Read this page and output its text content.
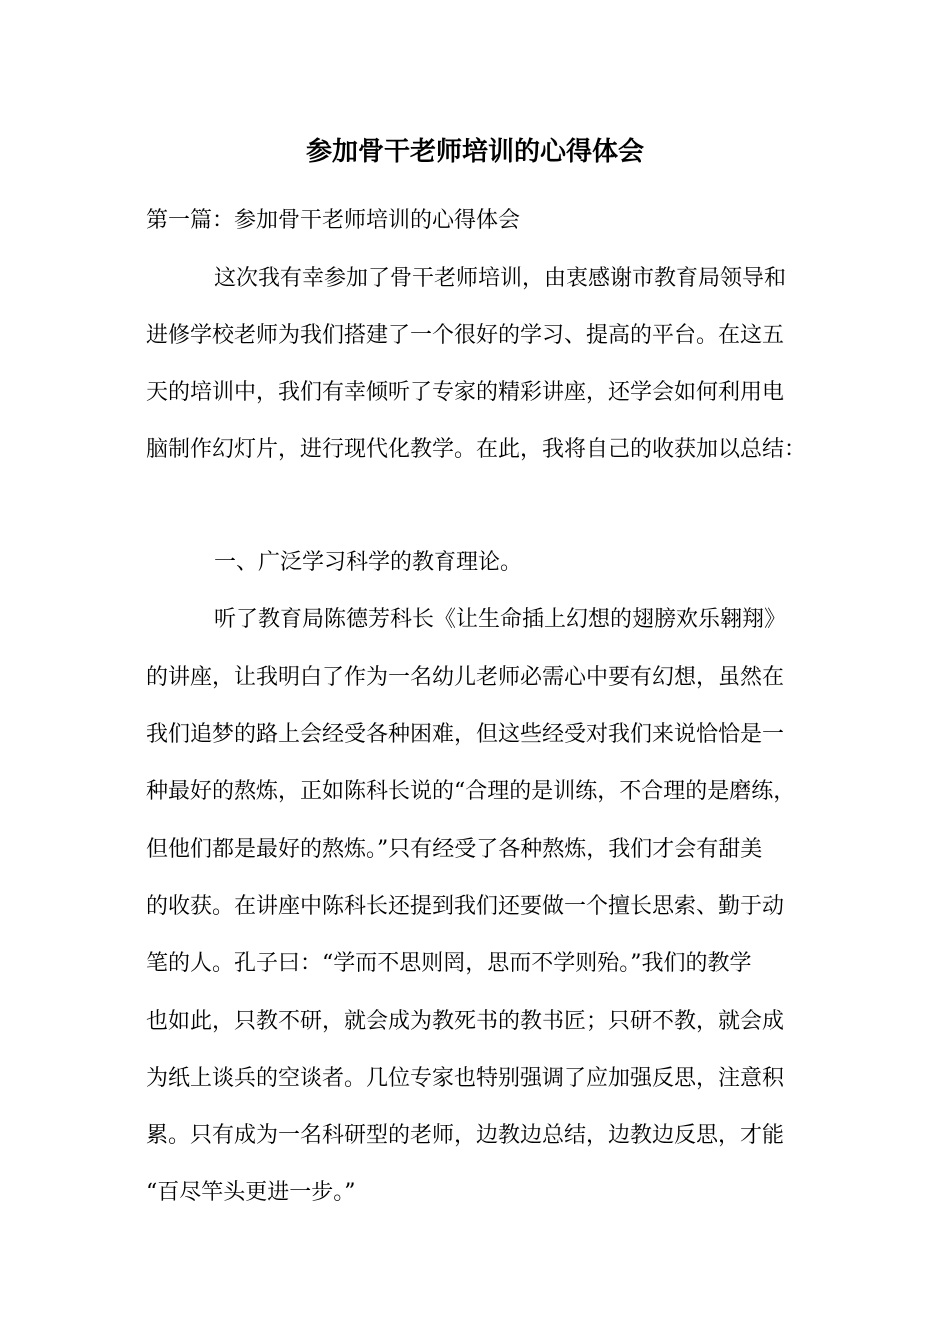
参加骨干老师培训的心得体会
第一篇：参加骨干老师培训的心得体会
这次我有幸参加了骨干老师培训，由衷感谢市教育局领导和
进修学校老师为我们搭建了一个很好的学习、提高的平台。在这五
天的培训中，我们有幸倾听了专家的精彩讲座，还学会如何利用电
脑制作幻灯片，进行现代化教学。在此，我将自己的收获加以总结：
一、广泛学习科学的教育理论。
听了教育局陈德芳科长《让生命插上幻想的翅膀欢乐翱翔》
的讲座，让我明白了作为一名幼儿老师必需心中要有幻想，虽然在
我们追梦的路上会经受各种困难，但这些经受对我们来说恰恰是一
种最好的熬炼，正如陈科长说的“合理的是训练，不合理的是磨练，
但他们都是最好的熬炼。”只有经受了各种熬炼，我们才会有甜美
的收获。在讲座中陈科长还提到我们还要做一个擅长思索、勤于动
笔的人。孔子曰：“学而不思则罔，思而不学则殆。”我们的教学
也如此，只教不研，就会成为教死书的教书匠；只研不教，就会成
为纸上谈兵的空谈者。几位专家也特别强调了应加强反思，注意积
累。只有成为一名科研型的老师，边教边总结，边教边反思，才能
“百尽竿头更进一步。”
